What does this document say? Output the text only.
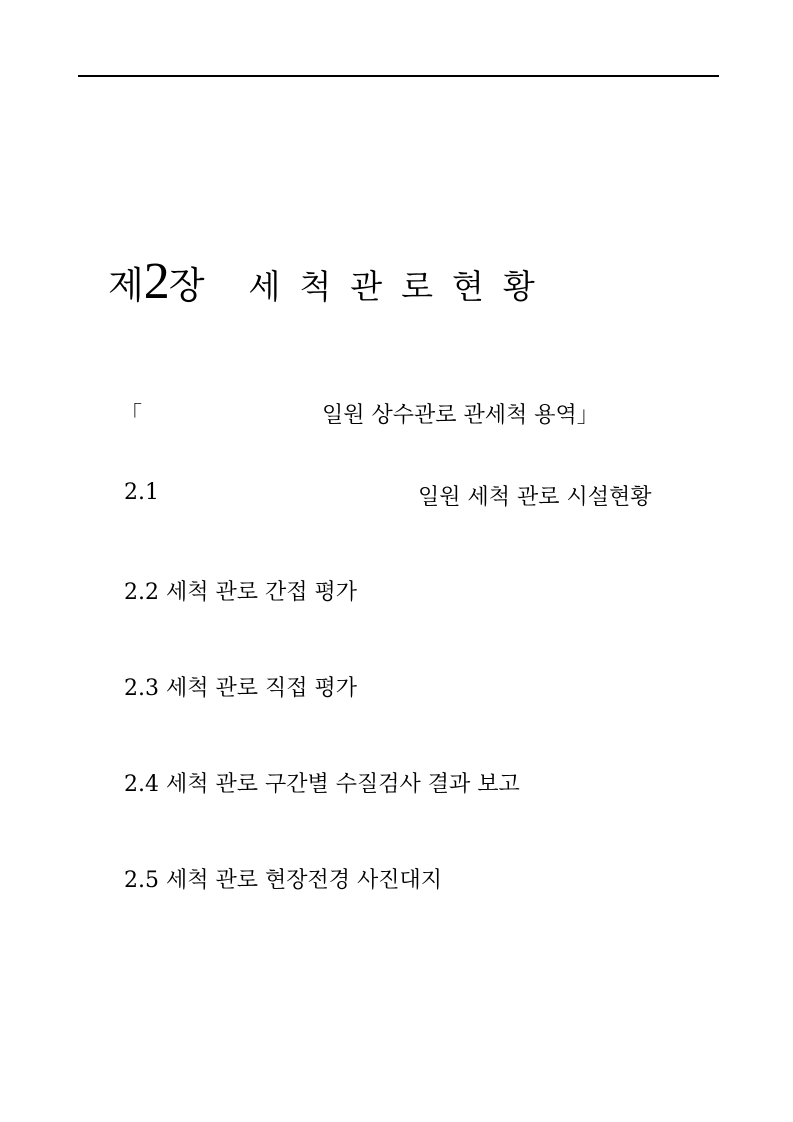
제 2 장 세척관로현황
「	일원 상수관로 관세척 용역」
2.1	일원 세척 관로 시설현황
2.2 세척 관로 간접 평가
2.3 세척 관로 직접 평가
2.4 세척 관로 구간별 수질검사 결과 보고
2.5 세척 관로 현장전경 사진대지
